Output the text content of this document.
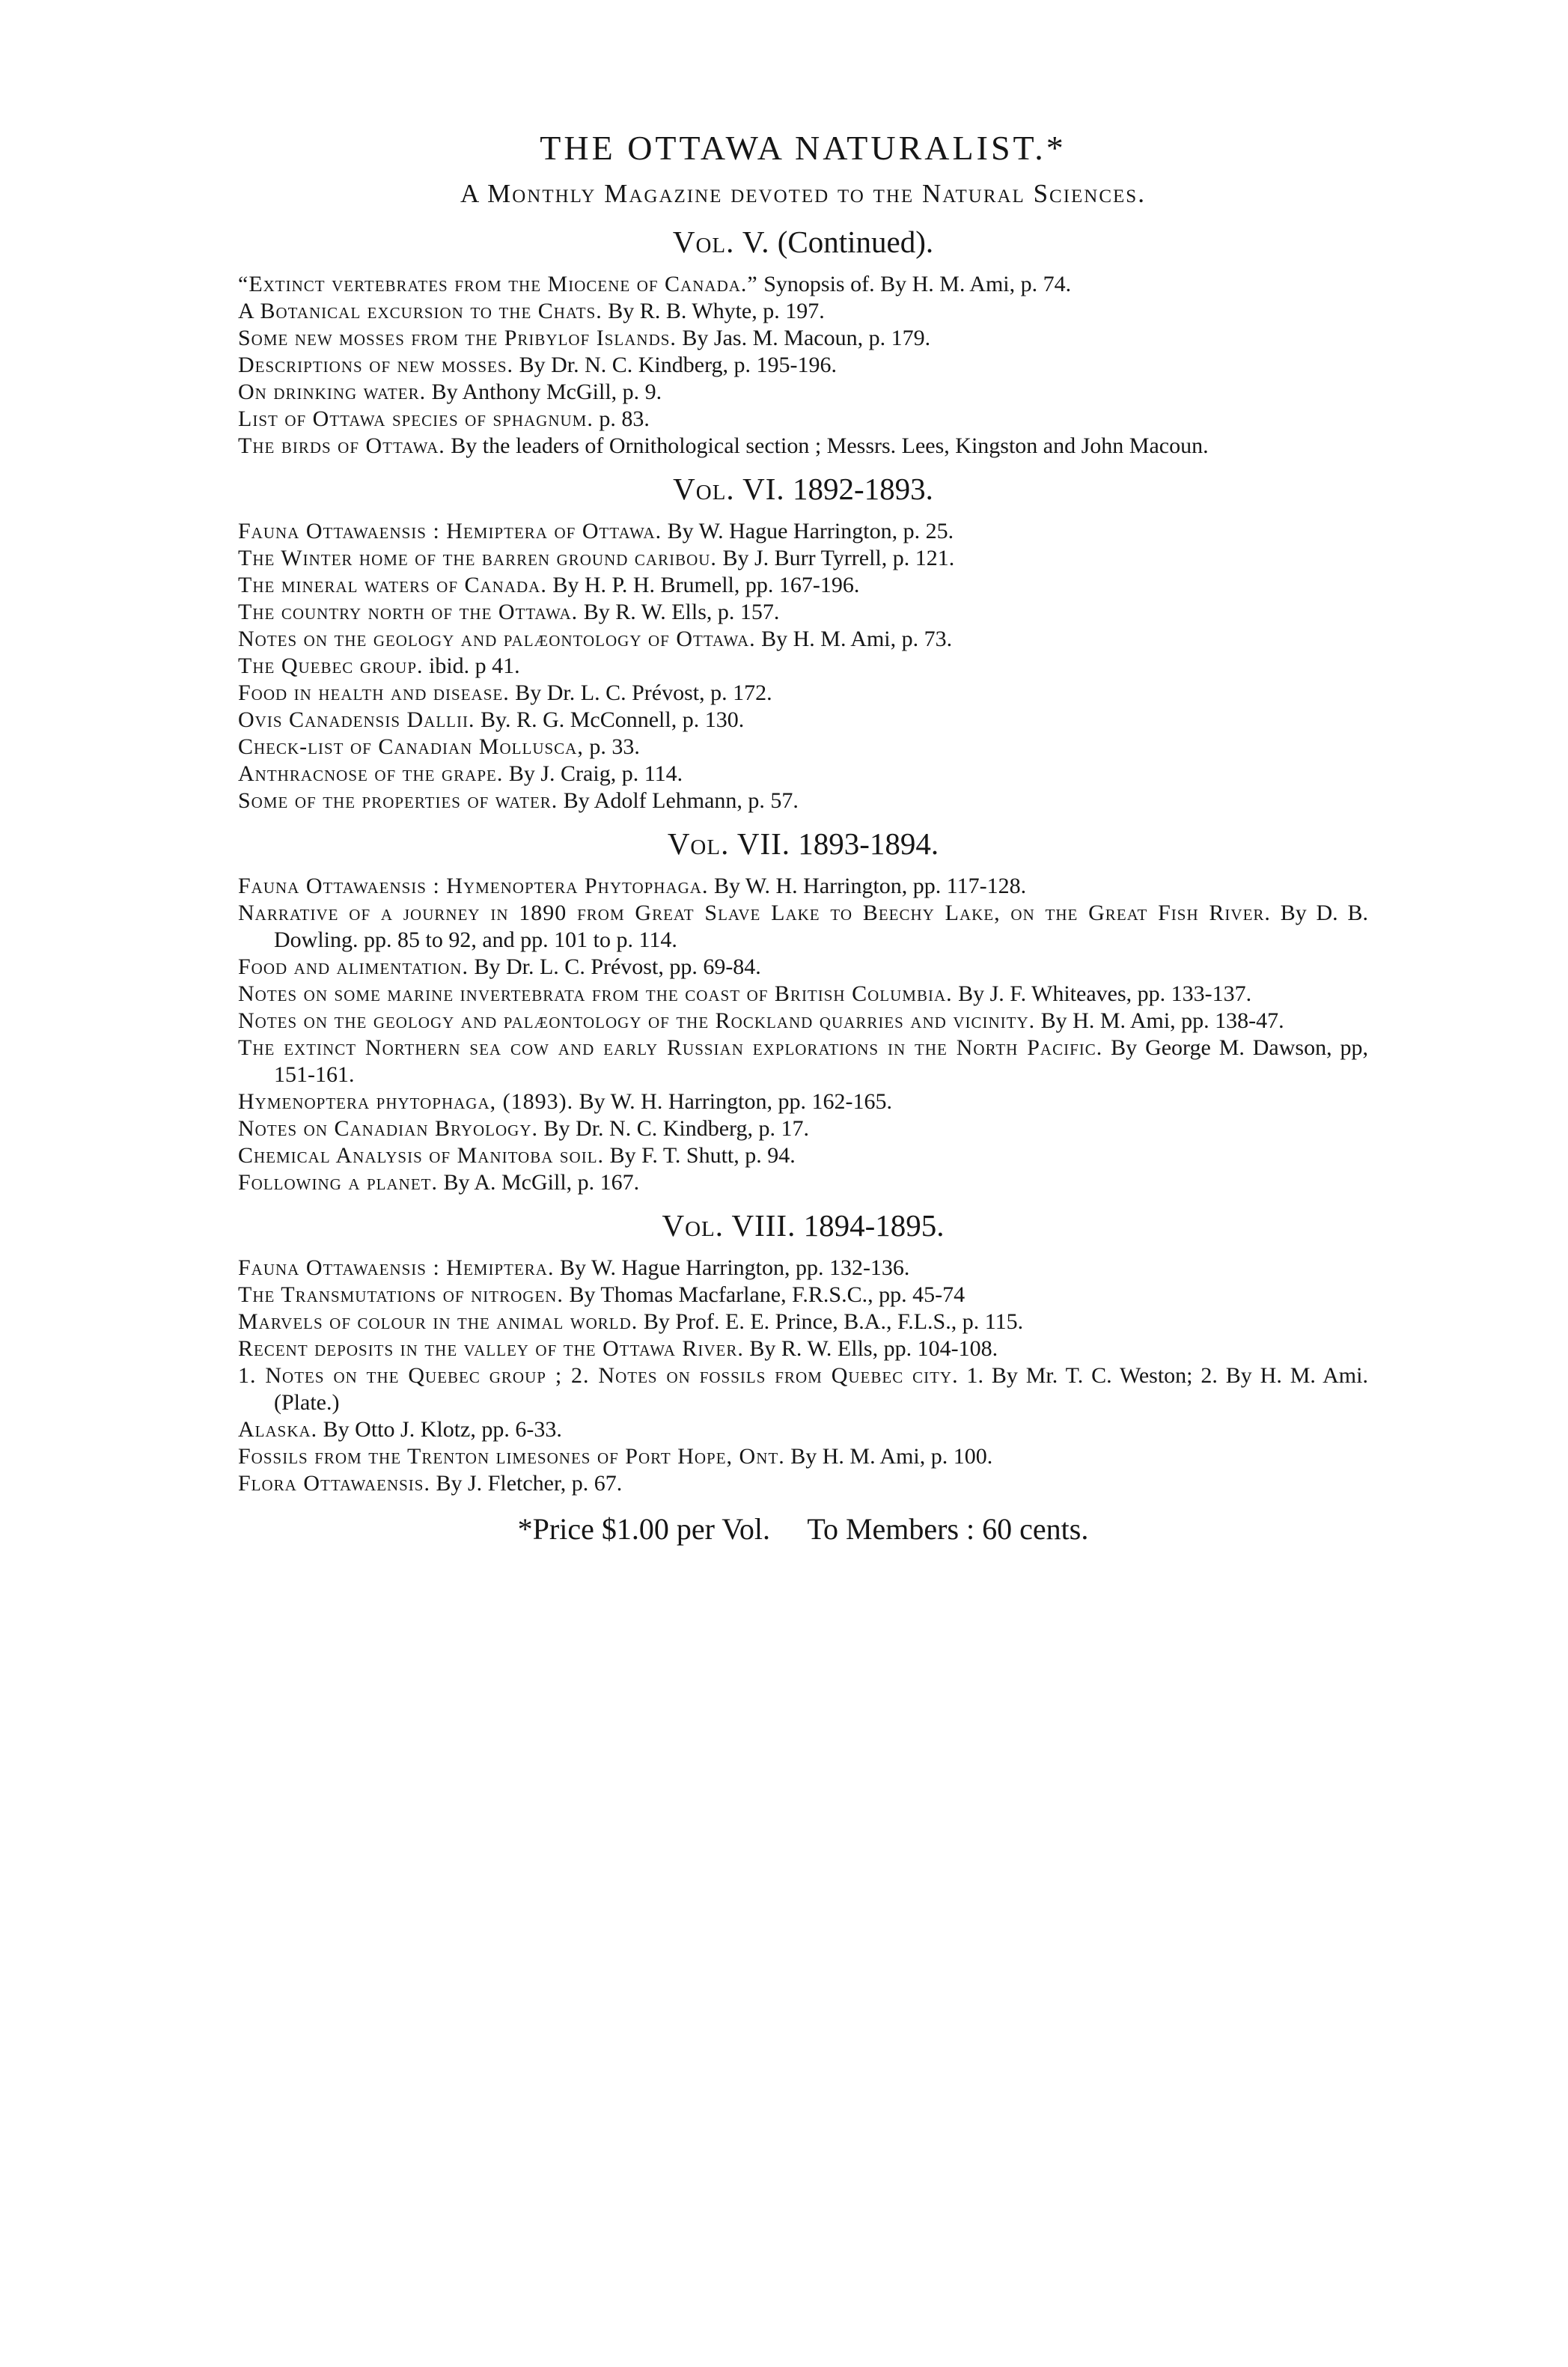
THE OTTAWA NATURALIST.*
A Monthly Magazine devoted to the Natural Sciences.
Vol. V. (Continued).

“Extinct vertebrates from the Miocene of Canada.” Synopsis of. By H. M. Ami, p. 74.

A Botanical excursion to the Chats. By R. B. Whyte, p. 197.

Some new mosses from the Pribylof Islands. By Jas. M. Macoun, p. 179.

Descriptions of new mosses. By Dr. N. C. Kindberg, p. 195-196.

On drinking water. By Anthony McGill, p. 9.

List of Ottawa species of sphagnum. p. 83.

The birds of Ottawa. By the leaders of Ornithological section ; Messrs. Lees, Kingston and John Macoun.

Vol. VI. 1892-1893.

Fauna Ottawaensis : Hemiptera of Ottawa. By W. Hague Harrington, p. 25.

The Winter home of the barren ground caribou. By J. Burr Tyrrell, p. 121.

The mineral waters of Canada. By H. P. H. Brumell, pp. 167-196.

The country north of the Ottawa. By R. W. Ells, p. 157.

Notes on the geology and palæontology of Ottawa. By H. M. Ami, p. 73.

The Quebec group. ibid. p 41.

Food in health and disease. By Dr. L. C. Prévost, p. 172.

Ovis Canadensis Dallii. By. R. G. McConnell, p. 130.

Check-list of Canadian Mollusca, p. 33.

Anthracnose of the grape. By J. Craig, p. 114.

Some of the properties of water. By Adolf Lehmann, p. 57.

Vol. VII. 1893-1894.

Fauna Ottawaensis : Hymenoptera Phytophaga. By W. H. Harrington, pp. 117-128.

Narrative of a journey in 1890 from Great Slave Lake to Beechy Lake, on the Great Fish River. By D. B. Dowling. pp. 85 to 92, and pp. 101 to p. 114.

Food and alimentation. By Dr. L. C. Prévost, pp. 69-84.

Notes on some marine invertebrata from the coast of British Columbia. By J. F. Whiteaves, pp. 133-137.

Notes on the geology and palæontology of the Rockland quarries and vicinity. By H. M. Ami, pp. 138-47.

The extinct Northern sea cow and early Russian explorations in the North Pacific. By George M. Dawson, pp, 151-161.

Hymenoptera phytophaga, (1893). By W. H. Harrington, pp. 162-165.

Notes on Canadian Bryology. By Dr. N. C. Kindberg, p. 17.

Chemical Analysis of Manitoba soil. By F. T. Shutt, p. 94.

Following a planet. By A. McGill, p. 167.

Vol. VIII. 1894-1895.

Fauna Ottawaensis : Hemiptera. By W. Hague Harrington, pp. 132-136.

The Transmutations of nitrogen. By Thomas Macfarlane, F.R.S.C., pp. 45-74

Marvels of colour in the animal world. By Prof. E. E. Prince, B.A., F.L.S., p. 115.

Recent deposits in the valley of the Ottawa River. By R. W. Ells, pp. 104-108.

1. Notes on the Quebec group ; 2. Notes on fossils from Quebec city. 1. By Mr. T. C. Weston; 2. By H. M. Ami. (Plate.)

Alaska. By Otto J. Klotz, pp. 6-33.

Fossils from the Trenton limesones of Port Hope, Ont. By H. M. Ami, p. 100.

Flora Ottawaensis. By J. Fletcher, p. 67.

*Price $1.00 per Vol. To Members : 60 cents.
